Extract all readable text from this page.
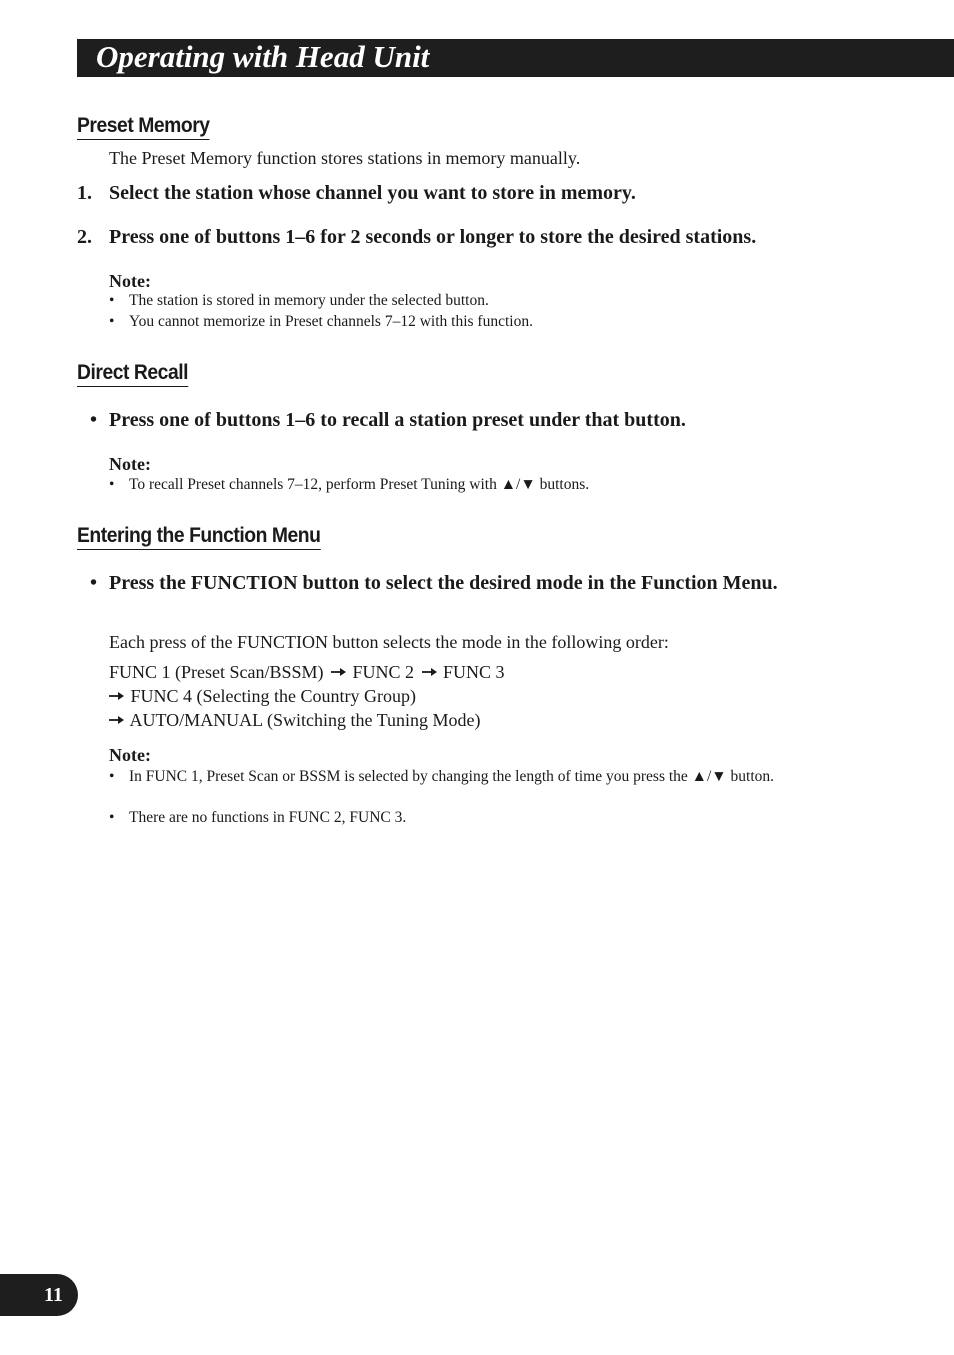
Operating with Head Unit
Preset Memory
The Preset Memory function stores stations in memory manually.
1. Select the station whose channel you want to store in memory.
2. Press one of buttons 1–6 for 2 seconds or longer to store the desired stations.
Note:
• The station is stored in memory under the selected button.
• You cannot memorize in Preset channels 7–12 with this function.
Direct Recall
• Press one of buttons 1–6 to recall a station preset under that button.
Note:
• To recall Preset channels 7–12, perform Preset Tuning with ▲/▼ buttons.
Entering the Function Menu
• Press the FUNCTION button to select the desired mode in the Function Menu.
Each press of the FUNCTION button selects the mode in the following order:
FUNC 1 (Preset Scan/BSSM) FUNC 2 FUNC 3
FUNC 4 (Selecting the Country Group)
AUTO/MANUAL (Switching the Tuning Mode)
Note:
• In FUNC 1, Preset Scan or BSSM is selected by changing the length of time you press the ▲/▼ button.
• There are no functions in FUNC 2, FUNC 3.
11
